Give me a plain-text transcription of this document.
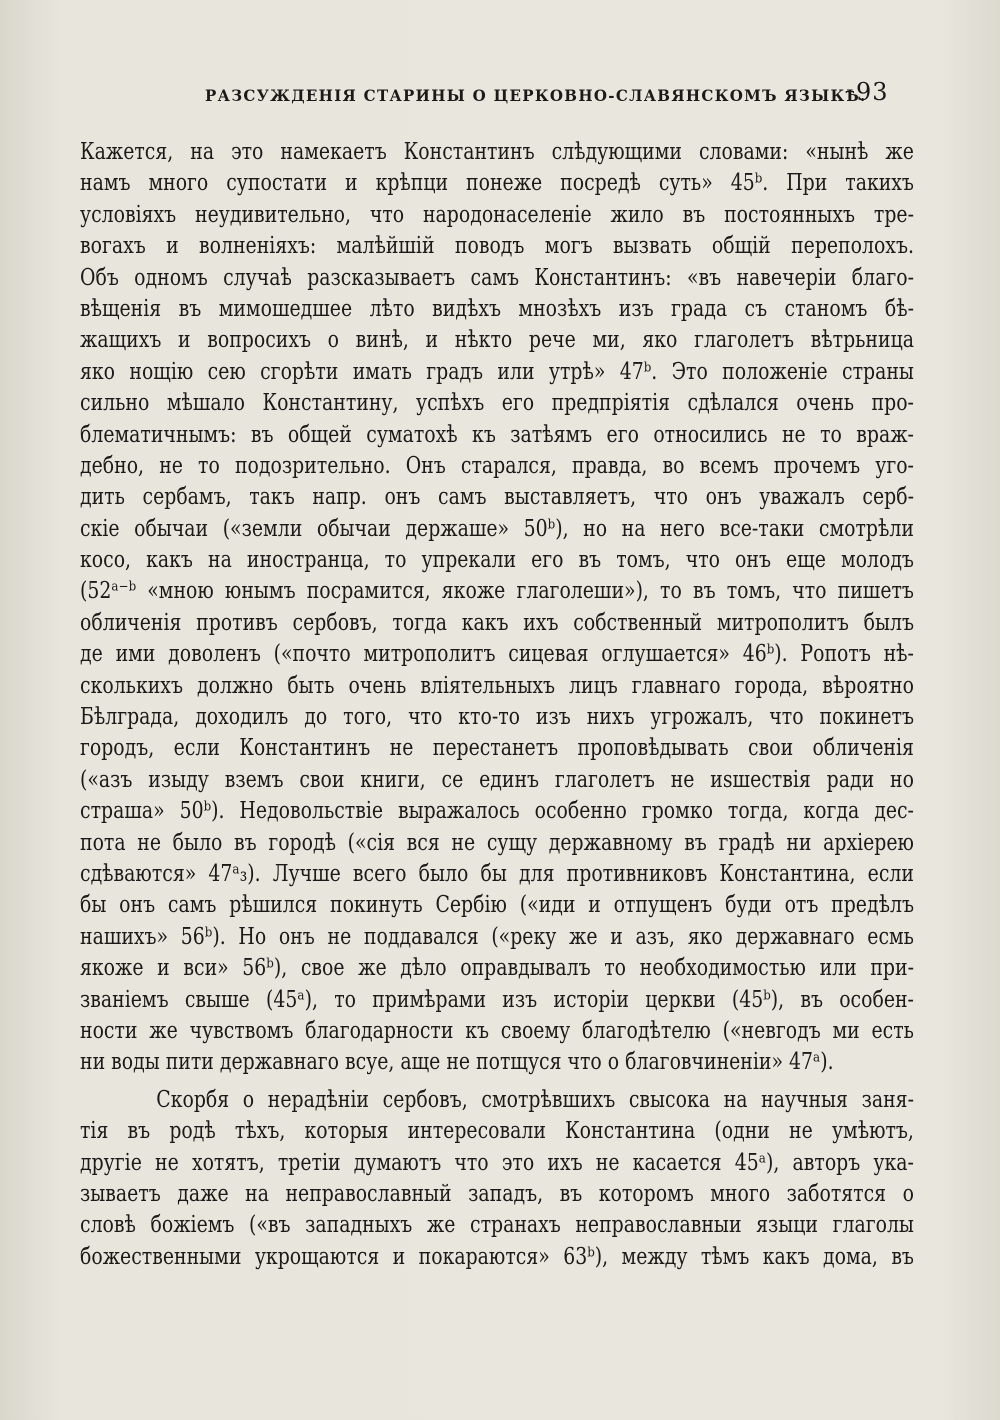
РАЗСУЖДЕНІЯ СТАРИНЫ О ЦЕРКОВНО-СЛАВЯНСКОМЪ ЯЗЫКѢ.
93
Кажется, на это намекаетъ Константинъ слѣдующими словами: «нынѣ же
намъ много супостати и крѣпци понеже посредѣ суть» 45ᵇ. При такихъ
условіяхъ неудивительно, что народонаселеніе жило въ постоянныхъ тре-
вогахъ и волненіяхъ: малѣйшій поводъ могъ вызвать общій переполохъ.
Объ одномъ случаѣ разсказываетъ самъ Константинъ: «въ навечеріи благо-
вѣщенія въ мимошедшее лѣто видѣхъ мнозѣхъ изъ града съ станомъ бѣ-
жащихъ и вопросихъ о винѣ, и нѣкто рече ми, яко глаголетъ вѣтрьница
яко нощію сею сгорѣти имать градъ или утрѣ» 47ᵇ. Это положеніе страны
сильно мѣшало Константину, успѣхъ его предпріятія сдѣлался очень про-
блематичнымъ: въ общей суматохѣ къ затѣямъ его относились не то враж-
дебно, не то подозрительно. Онъ старался, правда, во всемъ прочемъ уго-
дить сербамъ, такъ напр. онъ самъ выставляетъ, что онъ уважалъ серб-
скіе обычаи («земли обычаи держаше» 50ᵇ), но на него все-таки смотрѣли
косо, какъ на иностранца, то упрекали его въ томъ, что онъ еще молодъ
(52ᵃ⁻ᵇ «мною юнымъ посрамится, якоже глаголеши»), то въ томъ, что пишетъ
обличенія противъ сербовъ, тогда какъ ихъ собственный митрополитъ былъ
де ими доволенъ («почто митрополитъ сицевая оглушается» 46ᵇ). Ропотъ нѣ-
сколькихъ должно быть очень вліятельныхъ лицъ главнаго города, вѣроятно
Бѣлграда, доходилъ до того, что кто-то изъ нихъ угрожалъ, что покинетъ
городъ, если Константинъ не перестанетъ проповѣдывать свои обличенія
(«азъ изыду вземъ свои книги, се единъ глаголетъ не иsшествія ради но
страша» 50ᵇ). Недовольствіе выражалось особенно громко тогда, когда дес-
пота не было въ городѣ («сія вся не сущу державному въ градѣ ни архіерею
сдѣваются» 47ᵃ₃). Лучше всего было бы для противниковъ Константина, если
бы онъ самъ рѣшился покинуть Сербію («иди и отпущенъ буди отъ предѣлъ
нашихъ» 56ᵇ). Но онъ не поддавался («реку же и азъ, яко державнаго есмь
якоже и вси» 56ᵇ), свое же дѣло оправдывалъ то необходимостью или при-
званіемъ свыше (45ᵃ), то примѣрами изъ исторіи церкви (45ᵇ), въ особен-
ности же чувствомъ благодарности къ своему благодѣтелю («невгодъ ми есть
ни воды пити державнаго всуе, аще не потщуся что о благовчиненіи» 47ᵃ).
Скорбя о нерадѣніи сербовъ, смотрѣвшихъ свысока на научныя заня-
тія въ родѣ тѣхъ, которыя интересовали Константина (одни не умѣютъ,
другіе не хотятъ, третіи думаютъ что это ихъ не касается 45ᵃ), авторъ ука-
зываетъ даже на неправославный западъ, въ которомъ много заботятся о
словѣ божіемъ («въ западныхъ же странахъ неправославныи языци глаголы
божественными укрощаются и покараются» 63ᵇ), между тѣмъ какъ дома, въ
